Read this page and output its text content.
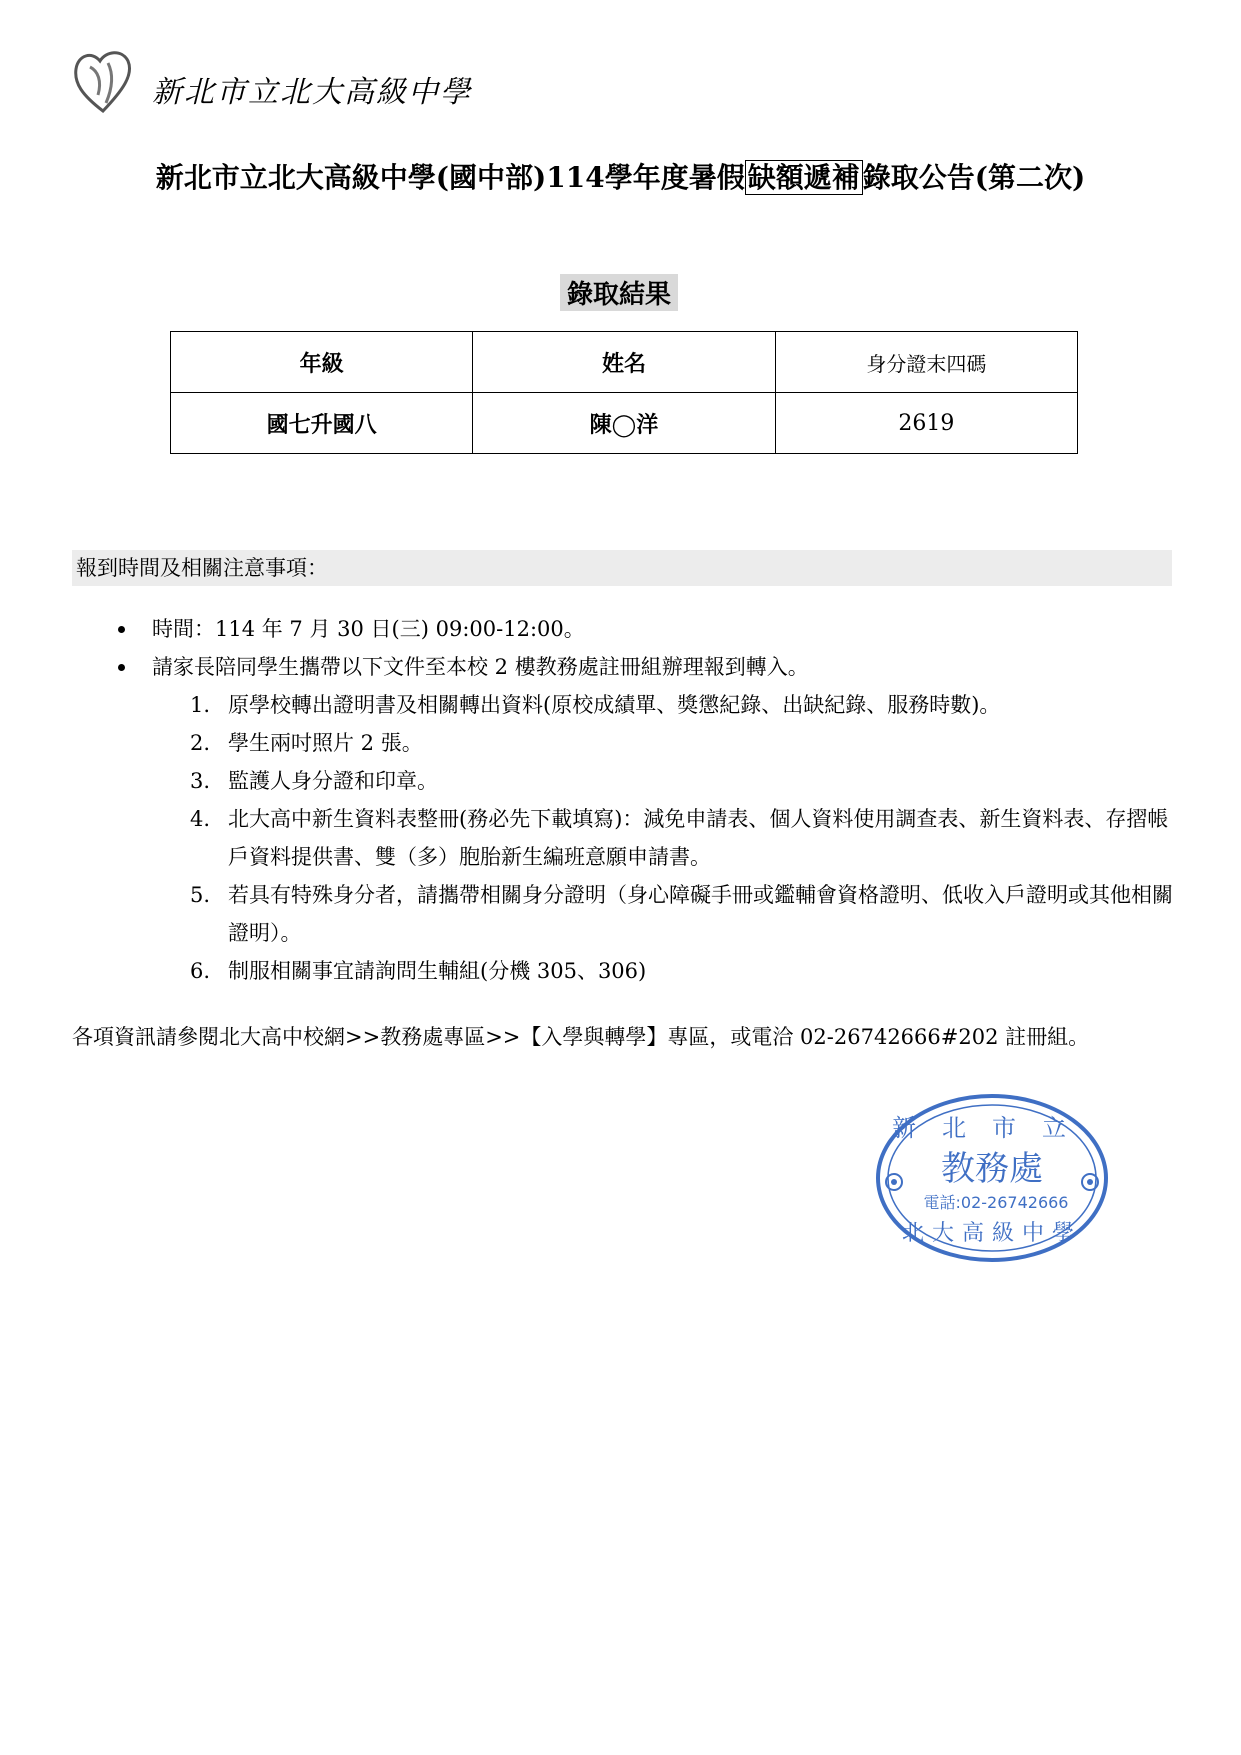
新北市立北大高級中學
新北市立北大高級中學(國中部)114學年度暑假 缺額遞補 錄取公告(第二次)
錄取結果
年級	姓名	身分證末四碼
國七升國八	陳◯洋	2619
報到時間及相關注意事項：
時間：114 年 7 月 30 日(三) 09:00-12:00。
請家長陪同學生攜帶以下文件至本校 2 樓教務處註冊組辦理報到轉入。
1. 原學校轉出證明書及相關轉出資料(原校成績單、獎懲紀錄、出缺紀錄、服務時數)。
2. 學生兩吋照片 2 張。
3. 監護人身分證和印章。
4. 北大高中新生資料表整冊(務必先下載填寫)：減免申請表、個人資料使用調查表、新生資料表、存摺帳戶資料提供書、雙（多）胞胎新生編班意願申請書。
5. 若具有特殊身分者，請攜帶相關身分證明（身心障礙手冊或鑑輔會資格證明、低收入戶證明或其他相關證明）。
6. 制服相關事宜請詢問生輔組(分機 305、306)
各項資訊請參閱北大高中校網>>教務處專區>>【入學與轉學】專區，或電洽 02-26742666#202 註冊組。
新北市立
教務處
電話:02-26742666
北大高級中學
